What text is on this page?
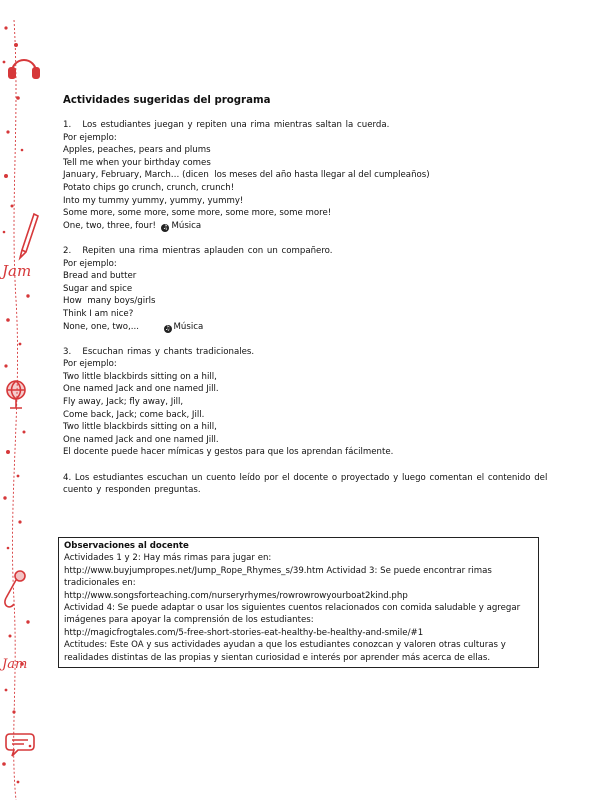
Jam
Jam
Actividades sugeridas del programa

1.   Los estudiantes juegan y repiten una rima mientras saltan la cuerda.

Por ejemplo:

Apples, peaches, pears and plums

Tell me when your birthday comes

January, February, March… (dicen  los meses del año hasta llegar al del cumpleaños)

Potato chips go crunch, crunch, crunch!

Into my tummy yummy, yummy, yummy!

Some more, some more, some more, some more, some more!

One, two, three, four!  ♫ Música

2.   Repiten una rima mientras aplauden con un compañero.

Por ejemplo:

Bread and butter

Sugar and spice

How  many boys/girls

Think I am nice?

None, one, two,...         ♫ Música

3.   Escuchan rimas y chants tradicionales.

Por ejemplo:

Two little blackbirds sitting on a hill,

One named Jack and one named Jill.

Fly away, Jack; fly away, Jill,

Come back, Jack; come back, Jill.

Two little blackbirds sitting on a hill,

One named Jack and one named Jill.

El docente puede hacer mímicas y gestos para que los aprendan fácilmente.

4. Los estudiantes escuchan un cuento leído por el docente o proyectado y luego comentan el contenido del cuento y responden preguntas.

Observaciones al docente

Actividades 1 y 2: Hay más rimas para jugar en:

http://www.buyjumpropes.net/Jump_Rope_Rhymes_s/39.htm Actividad 3: Se puede encontrar rimas tradicionales en:

http://www.songsforteaching.com/nurseryrhymes/rowrowrowyourboat2kind.php

Actividad 4: Se puede adaptar o usar los siguientes cuentos relacionados con comida saludable y agregar imágenes para apoyar la comprensión de los estudiantes:

http://magicfrogtales.com/5-free-short-stories-eat-healthy-be-healthy-and-smile/#1

Actitudes: Este OA y sus actividades ayudan a que los estudiantes conozcan y valoren otras culturas y realidades distintas de las propias y sientan curiosidad e interés por aprender más acerca de ellas.
